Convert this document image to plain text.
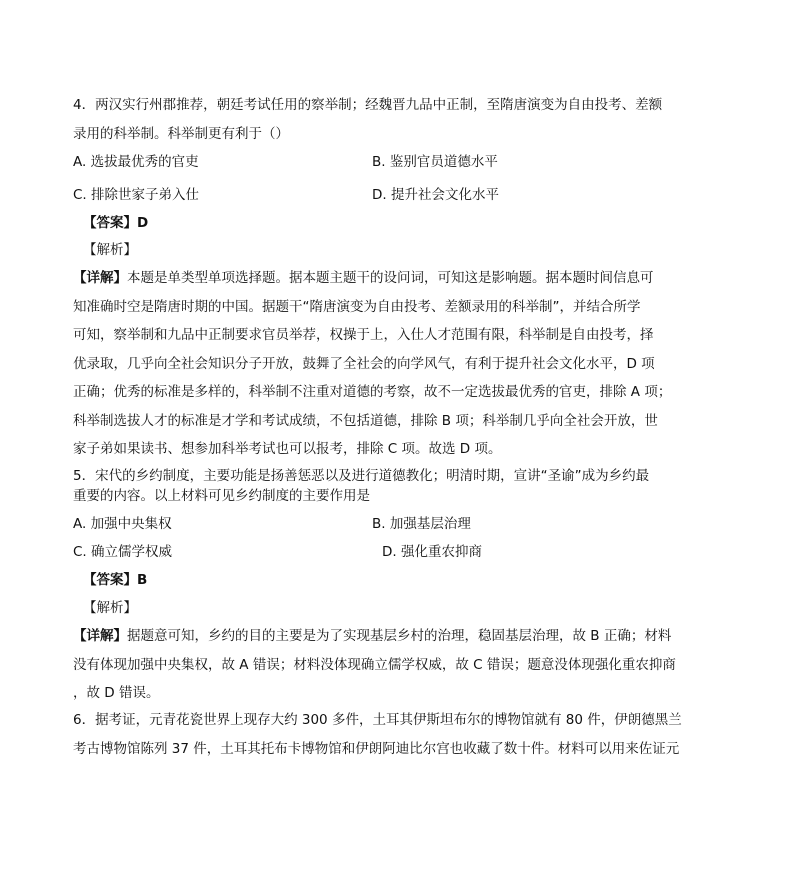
4．两汉实行州郡推荐，朝廷考试任用的察举制；经魏晋九品中正制，至隋唐演变为自由投考、差额
录用的科举制。科举制更有利于（）
A. 选拔最优秀的官吏	B. 鉴别官员道德水平
C. 排除世家子弟入仕	D. 提升社会文化水平
【答案】D
【解析】
【详解】本题是单类型单项选择题。据本题主题干的设问词，可知这是影响题。据本题时间信息可
知准确时空是隋唐时期的中国。据题干“隋唐演变为自由投考、差额录用的科举制”，并结合所学
可知，察举制和九品中正制要求官员举荐，权操于上，入仕人才范围有限，科举制是自由投考，择
优录取，几乎向全社会知识分子开放，鼓舞了全社会的向学风气，有利于提升社会文化水平，D 项
正确；优秀的标准是多样的，科举制不注重对道德的考察，故不一定选拔最优秀的官吏，排除 A 项；
科举制选拔人才的标准是才学和考试成绩，不包括道德，排除 B 项；科举制几乎向全社会开放，世
家子弟如果读书、想参加科举考试也可以报考，排除 C 项。故选 D 项。
5．宋代的乡约制度，主要功能是扬善惩恶以及进行道德教化；明清时期，宣讲“圣谕”成为乡约最
重要的内容。以上材料可见乡约制度的主要作用是
A. 加强中央集权	B. 加强基层治理
C. 确立儒学权威	D. 强化重农抑商
【答案】B
【解析】
【详解】据题意可知，乡约的目的主要是为了实现基层乡村的治理，稳固基层治理，故 B 正确；材料
没有体现加强中央集权，故 A 错误；材料没体现确立儒学权威，故 C 错误；题意没体现强化重农抑商
，故 D 错误。
6．据考证，元青花瓷世界上现存大约 300 多件，土耳其伊斯坦布尔的博物馆就有 80 件，伊朗德黑兰
考古博物馆陈列 37 件，土耳其托布卡博物馆和伊朗阿迪比尔宫也收藏了数十件。材料可以用来佐证元
